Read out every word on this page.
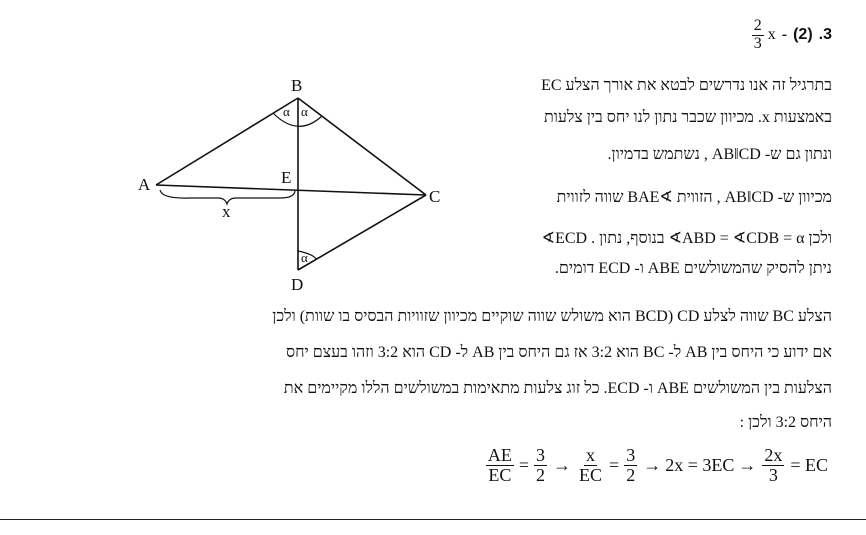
$\frac{2}{3}$ x - (2) .3
A
B
C
D
E
x
α α
α
בתרגיל זה אנו נדרשים לבטא את אורך הצלע EC
באמצעות x. מכיוון שכבר נתון לנו יחס בין צלעות
ונתון גם ש- AB‖CD , נשתמש בדמיון.
מכיוון ש- AB‖CD , הזווית ∢BAE שווה לזווית
∢ECD . בנוסף, נתון ∢ABD = ∢CDB = α ולכן
ניתן להסיק שהמשולשים ABE ו- ECD דומים.
הצלע BC שווה לצלע CD (BCD הוא משולש שווה שוקיים מכיוון שזוויות הבסיס בו שוות) ולכן
אם ידוע כי היחס בין AB ל- BC הוא 3:2 אז גם היחס בין AB ל- CD הוא 3:2 וזהו בעצם יחס
הצלעות בין המשולשים ABE ו- ECD. כל זוג צלעות מתאימות במשולשים הללו מקיימים את
היחס 3:2 ולכן :
$\frac{AE}{EC} = \frac{3}{2} \to \frac{x}{EC} = \frac{3}{2} \to 2x = 3EC \to \frac{2x}{3}$ = EC
